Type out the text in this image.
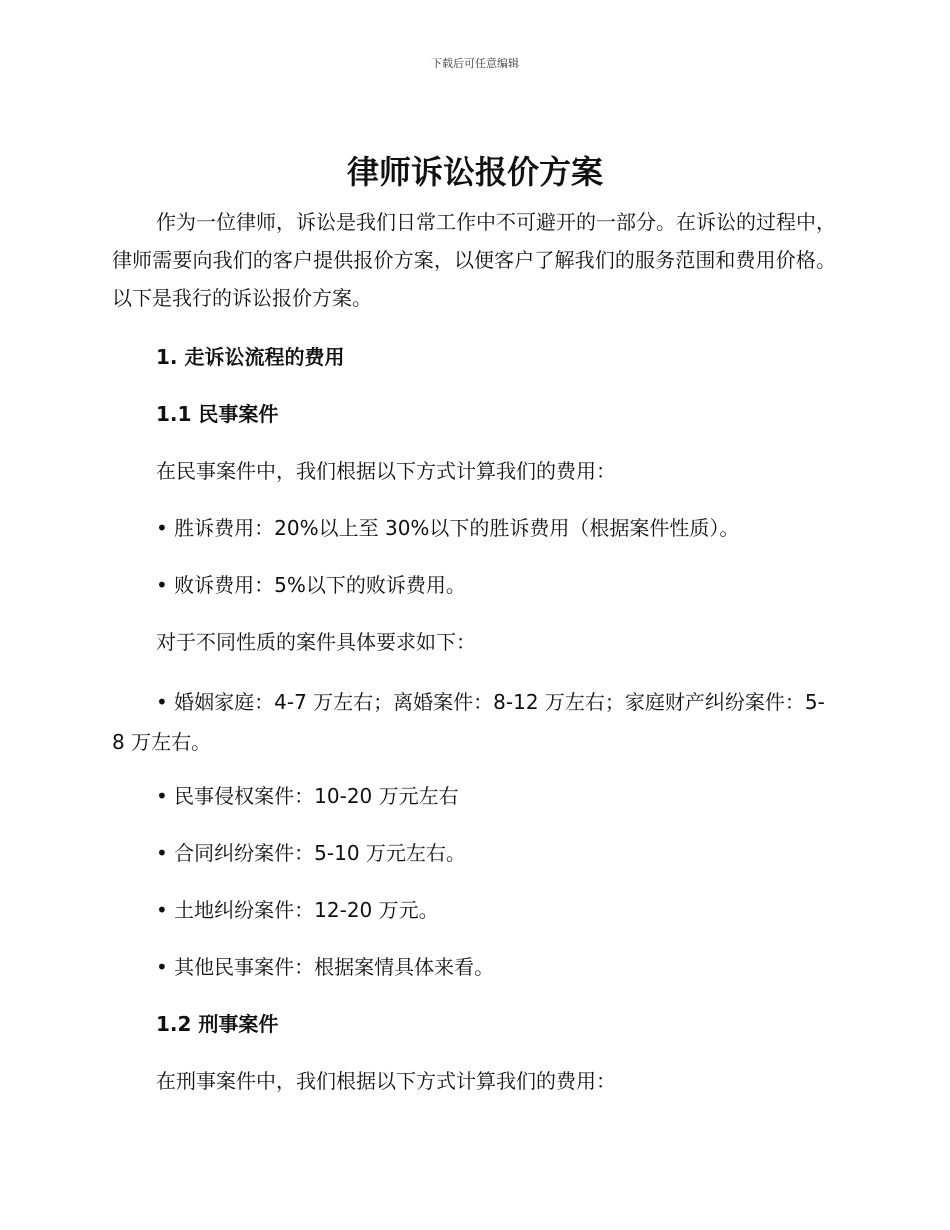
下载后可任意编辑
律师诉讼报价方案

作为一位律师，诉讼是我们日常工作中不可避开的一部分。在诉讼的过程中，律师需要向我们的客户提供报价方案，以便客户了解我们的服务范围和费用价格。以下是我行的诉讼报价方案。

1. 走诉讼流程的费用

1.1 民事案件

在民事案件中，我们根据以下方式计算我们的费用：

• 胜诉费用：20%以上至 30%以下的胜诉费用（根据案件性质）。

• 败诉费用：5%以下的败诉费用。

对于不同性质的案件具体要求如下：

• 婚姻家庭：4-7 万左右；离婚案件：8-12 万左右；家庭财产纠纷案件：5-8 万左右。

• 民事侵权案件：10-20 万元左右

• 合同纠纷案件：5-10 万元左右。

• 土地纠纷案件：12-20 万元。

• 其他民事案件：根据案情具体来看。

1.2 刑事案件

在刑事案件中，我们根据以下方式计算我们的费用：
